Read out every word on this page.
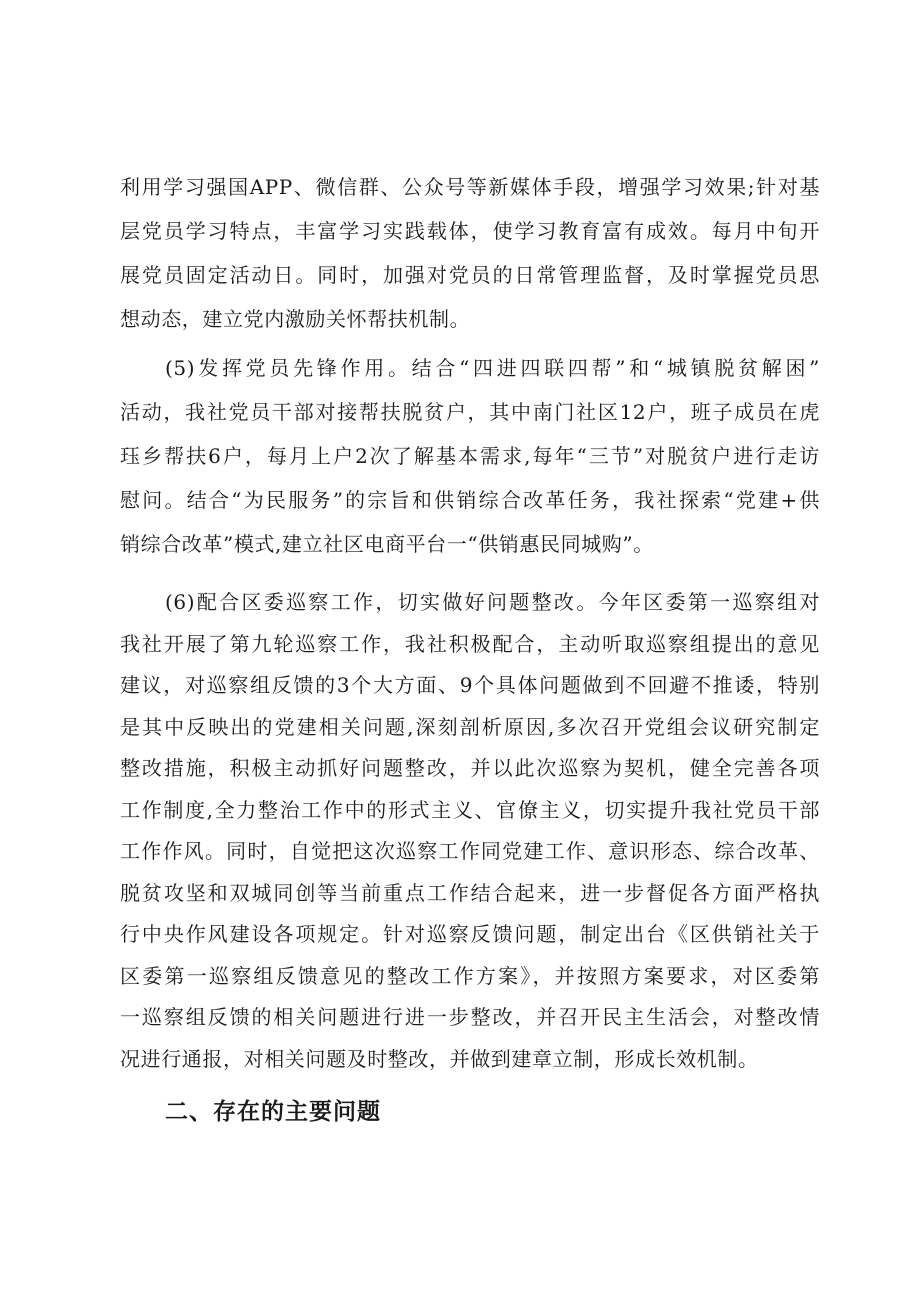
利用学习强国APP、微信群、公众号等新媒体手段，增强学习效果;针对基
层党员学习特点，丰富学习实践载体，使学习教育富有成效。每月中旬开
展党员固定活动日。同时，加强对党员的日常管理监督，及时掌握党员思
想动态，建立党内激励关怀帮扶机制。
(5)发挥党员先锋作用。结合“四进四联四帮”和“城镇脱贫解困”
活动，我社党员干部对接帮扶脱贫户，其中南门社区12户，班子成员在虎
珏乡帮扶6户，每月上户2次了解基本需求,每年“三节”对脱贫户进行走访
慰问。结合“为民服务”的宗旨和供销综合改革任务，我社探索“党建+供
销综合改革”模式,建立社区电商平台一“供销惠民同城购”。
(6)配合区委巡察工作，切实做好问题整改。今年区委第一巡察组对
我社开展了第九轮巡察工作，我社积极配合，主动听取巡察组提出的意见
建议，对巡察组反馈的3个大方面、9个具体问题做到不回避不推诿，特别
是其中反映出的党建相关问题,深刻剖析原因,多次召开党组会议研究制定
整改措施，积极主动抓好问题整改，并以此次巡察为契机，健全完善各项
工作制度,全力整治工作中的形式主义、官僚主义，切实提升我社党员干部
工作作风。同时，自觉把这次巡察工作同党建工作、意识形态、综合改革、
脱贫攻坚和双城同创等当前重点工作结合起来，进一步督促各方面严格执
行中央作风建设各项规定。针对巡察反馈问题，制定出台《区供销社关于
区委第一巡察组反馈意见的整改工作方案》，并按照方案要求，对区委第
一巡察组反馈的相关问题进行进一步整改，并召开民主生活会，对整改情
况进行通报，对相关问题及时整改，并做到建章立制，形成长效机制。
二、存在的主要问题
